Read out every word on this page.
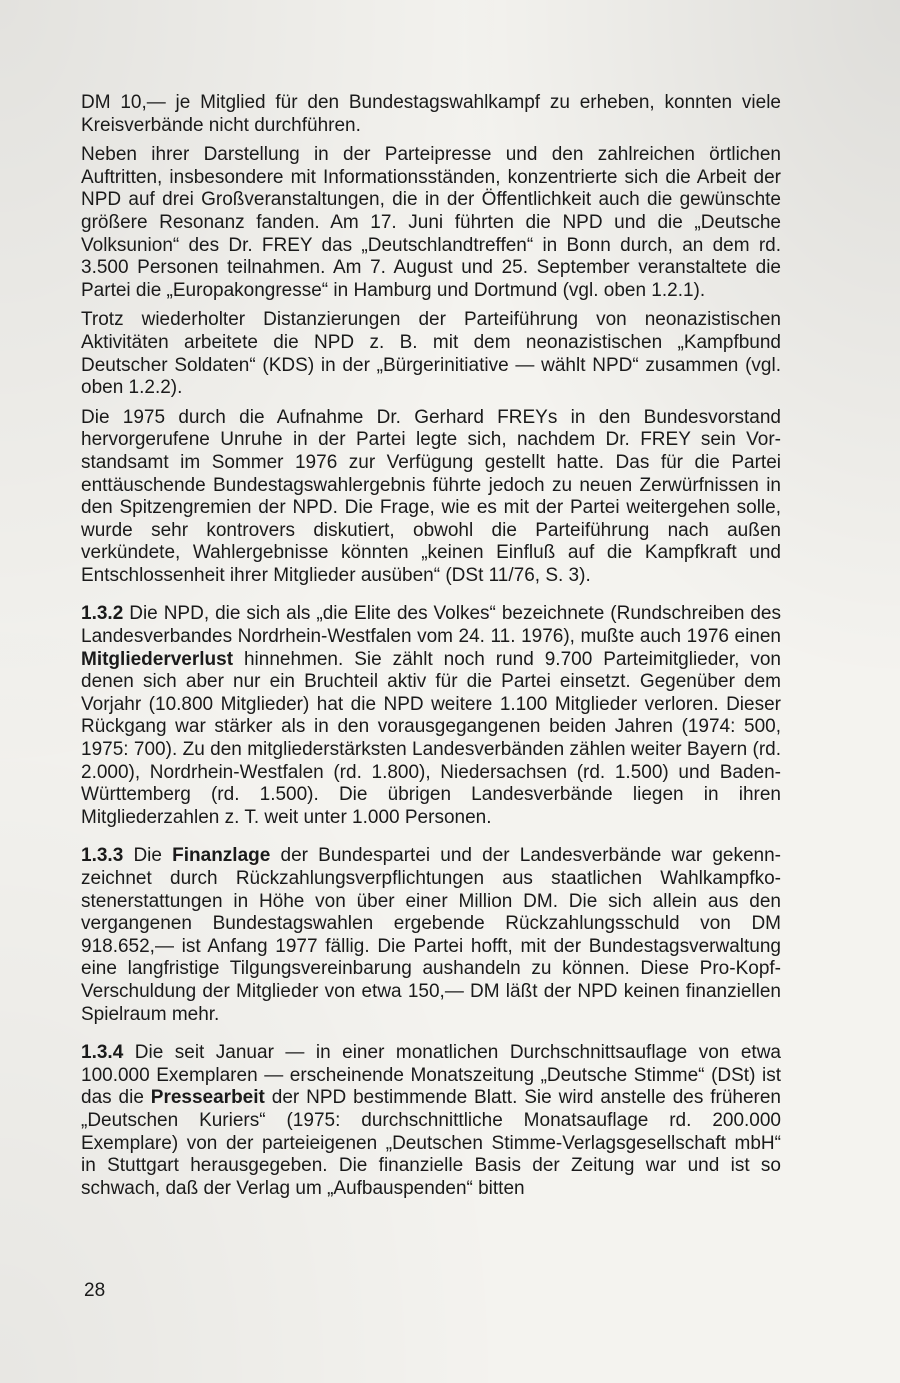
DM 10,— je Mitglied für den Bundestagswahlkampf zu erheben, konnten viele Kreisverbände nicht durchführen.

Neben ihrer Darstellung in der Parteipresse und den zahlreichen örtlichen Auftritten, insbesondere mit Informationsständen, konzentrierte sich die Arbeit der NPD auf drei Großveranstaltungen, die in der Öffentlichkeit auch die gewünschte größere Resonanz fanden. Am 17. Juni führten die NPD und die „Deutsche Volksunion“ des Dr. FREY das „Deutschlandtreffen“ in Bonn durch, an dem rd. 3.500 Personen teilnahmen. Am 7. August und 25. September veranstaltete die Partei die „Europakongresse“ in Hamburg und Dortmund (vgl. oben 1.2.1).

Trotz wiederholter Distanzierungen der Parteiführung von neonazistischen Aktivitäten arbeitete die NPD z. B. mit dem neonazistischen „Kampfbund Deutscher Soldaten“ (KDS) in der „Bürgerinitiative — wählt NPD“ zusammen (vgl. oben 1.2.2).

Die 1975 durch die Aufnahme Dr. Gerhard FREYs in den Bundesvorstand hervorgerufene Unruhe in der Partei legte sich, nachdem Dr. FREY sein Vorstandsamt im Sommer 1976 zur Verfügung gestellt hatte. Das für die Partei enttäuschende Bundestagswahlergebnis führte jedoch zu neuen Zerwürfnissen in den Spitzengremien der NPD. Die Frage, wie es mit der Partei weitergehen solle, wurde sehr kontrovers diskutiert, obwohl die Parteiführung nach außen verkündete, Wahlergebnisse könnten „keinen Einfluß auf die Kampfkraft und Entschlossenheit ihrer Mitglieder ausüben“ (DSt 11/76, S. 3).

1.3.2 Die NPD, die sich als „die Elite des Volkes“ bezeichnete (Rundschreiben des Landesverbandes Nordrhein-Westfalen vom 24. 11. 1976), mußte auch 1976 einen Mitgliederverlust hinnehmen. Sie zählt noch rund 9.700 Parteimitglieder, von denen sich aber nur ein Bruchteil aktiv für die Partei einsetzt. Gegenüber dem Vorjahr (10.800 Mitglieder) hat die NPD weitere 1.100 Mitglieder verloren. Dieser Rückgang war stärker als in den vorausgegangenen beiden Jahren (1974: 500, 1975: 700). Zu den mitgliederstärksten Landesverbänden zählen weiter Bayern (rd. 2.000), Nordrhein-Westfalen (rd. 1.800), Niedersachsen (rd. 1.500) und Baden-Württemberg (rd. 1.500). Die übrigen Landesverbände liegen in ihren Mitgliederzahlen z. T. weit unter 1.000 Personen.

1.3.3 Die Finanzlage der Bundespartei und der Landesverbände war gekennzeichnet durch Rückzahlungsverpflichtungen aus staatlichen Wahlkampfkostenerstattungen in Höhe von über einer Million DM. Die sich allein aus den vergangenen Bundestagswahlen ergebende Rückzahlungsschuld von DM 918.652,— ist Anfang 1977 fällig. Die Partei hofft, mit der Bundestagsverwaltung eine langfristige Tilgungsvereinbarung aushandeln zu können. Diese Pro-Kopf-Verschuldung der Mitglieder von etwa 150,— DM läßt der NPD keinen finanziellen Spielraum mehr.

1.3.4 Die seit Januar — in einer monatlichen Durchschnittsauflage von etwa 100.000 Exemplaren — erscheinende Monatszeitung „Deutsche Stimme“ (DSt) ist das die Pressearbeit der NPD bestimmende Blatt. Sie wird anstelle des früheren „Deutschen Kuriers“ (1975: durchschnittliche Monatsauflage rd. 200.000 Exemplare) von der parteieigenen „Deutschen Stimme-Verlagsgesellschaft mbH“ in Stuttgart herausgegeben. Die finanzielle Basis der Zeitung war und ist so schwach, daß der Verlag um „Aufbauspenden“ bitten

28
